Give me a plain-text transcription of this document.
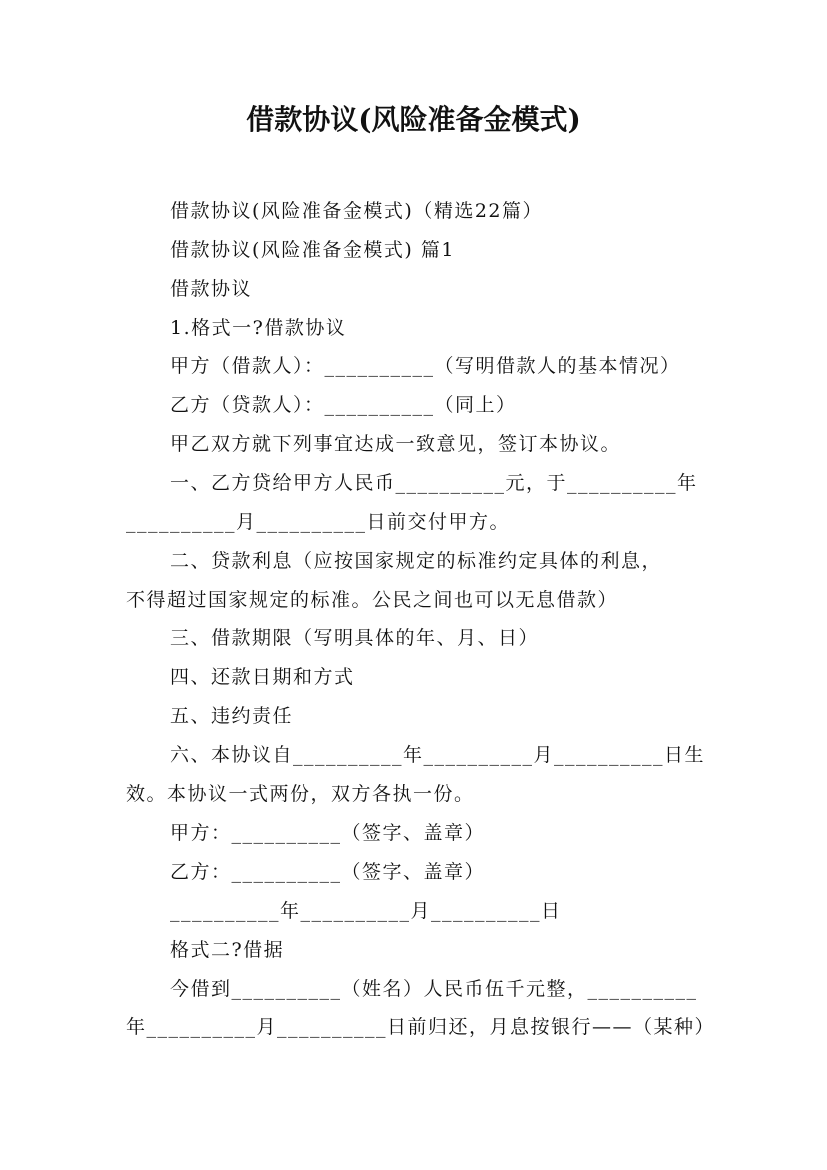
借款协议(风险准备金模式)
借款协议(风险准备金模式)（精选22篇）
借款协议(风险准备金模式) 篇1
借款协议
1.格式一?借款协议
甲方（借款人）：__________（写明借款人的基本情况）
乙方（贷款人）：__________（同上）
甲乙双方就下列事宜达成一致意见，签订本协议。
一、乙方贷给甲方人民币__________元，于__________年
__________月__________日前交付甲方。
二、贷款利息（应按国家规定的标准约定具体的利息，
不得超过国家规定的标准。公民之间也可以无息借款）
三、借款期限（写明具体的年、月、日）
四、还款日期和方式
五、违约责任
六、本协议自__________年__________月__________日生
效。本协议一式两份，双方各执一份。
甲方：__________（签字、盖章）
乙方：__________（签字、盖章）
__________年__________月__________日
格式二?借据
今借到__________（姓名）人民币伍千元整，__________
年__________月__________日前归还，月息按银行——（某种）
